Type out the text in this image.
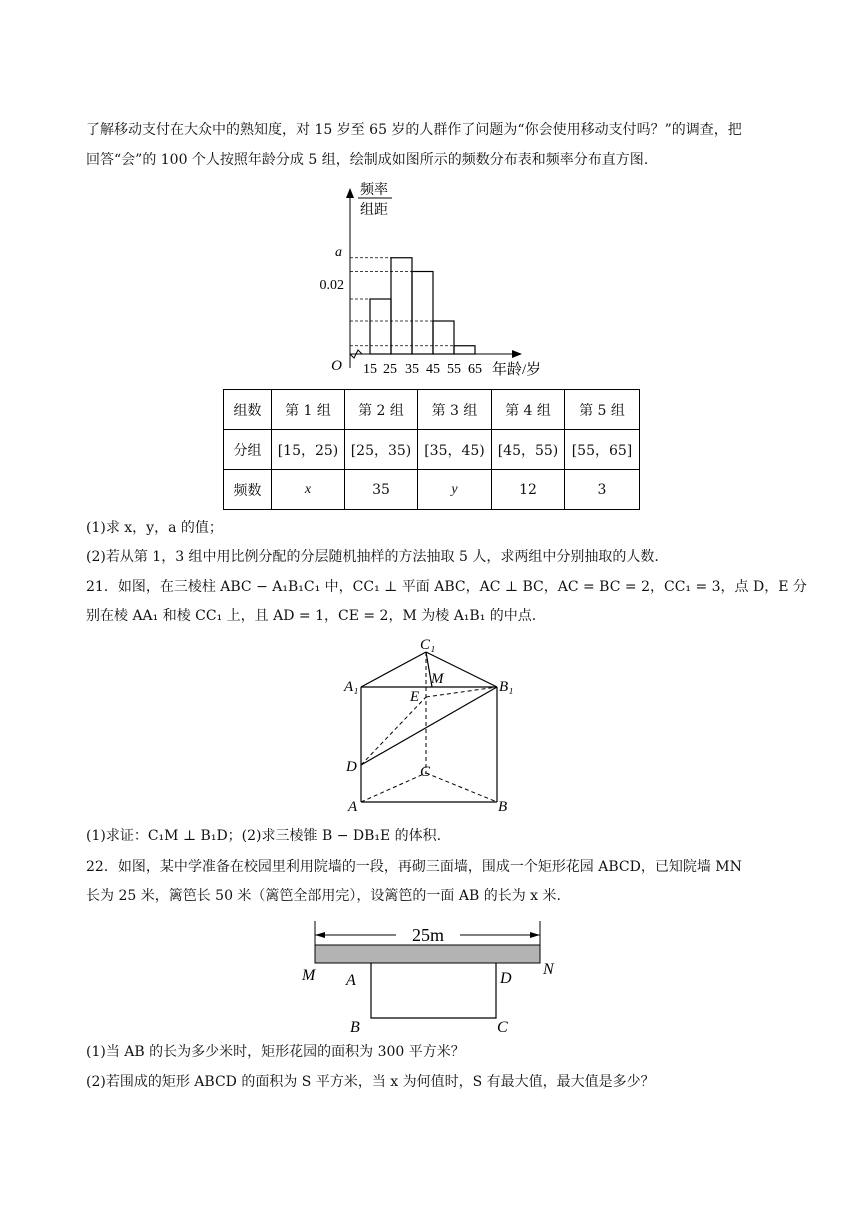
了解移动支付在大众中的熟知度，对 15 岁至 65 岁的人群作了问题为“你会使用移动支付吗？”的调查，把
回答“会”的 100 个人按照年龄分成 5 组，绘制成如图所示的频数分布表和频率分布直方图.
频率
组距
a
0.02
O 15 25 35 45 55 65 年龄/岁
组数	第 1 组	第 2 组	第 3 组	第 4 组	第 5 组
分组	[15，25)	[25，35)	[35，45)	[45，55)	[55，65]
频数	x	35	y	12	3
(1)求 x，y，a 的值；
(2)若从第 1，3 组中用比例分配的分层随机抽样的方法抽取 5 人，求两组中分别抽取的人数.
21．如图，在三棱柱 ABC − A₁B₁C₁ 中，CC₁ ⊥ 平面 ABC，AC ⊥ BC，AC = BC = 2，CC₁ = 3，点 D，E 分
别在棱 AA₁ 和棱 CC₁ 上，且 AD = 1，CE = 2，M 为棱 A₁B₁ 的中点.
C₁
A₁	M	B₁
E
D	C
A	B
(1)求证：C₁M ⊥ B₁D；(2)求三棱锥 B − DB₁E 的体积.
22．如图，某中学准备在校园里利用院墙的一段，再砌三面墙，围成一个矩形花园 ABCD，已知院墙 MN
长为 25 米，篱笆长 50 米（篱笆全部用完），设篱笆的一面 AB 的长为 x 米.
25m
M A	D
N
B	C
(1)当 AB 的长为多少米时，矩形花园的面积为 300 平方米？
(2)若围成的矩形 ABCD 的面积为 S 平方米，当 x 为何值时，S 有最大值，最大值是多少？
